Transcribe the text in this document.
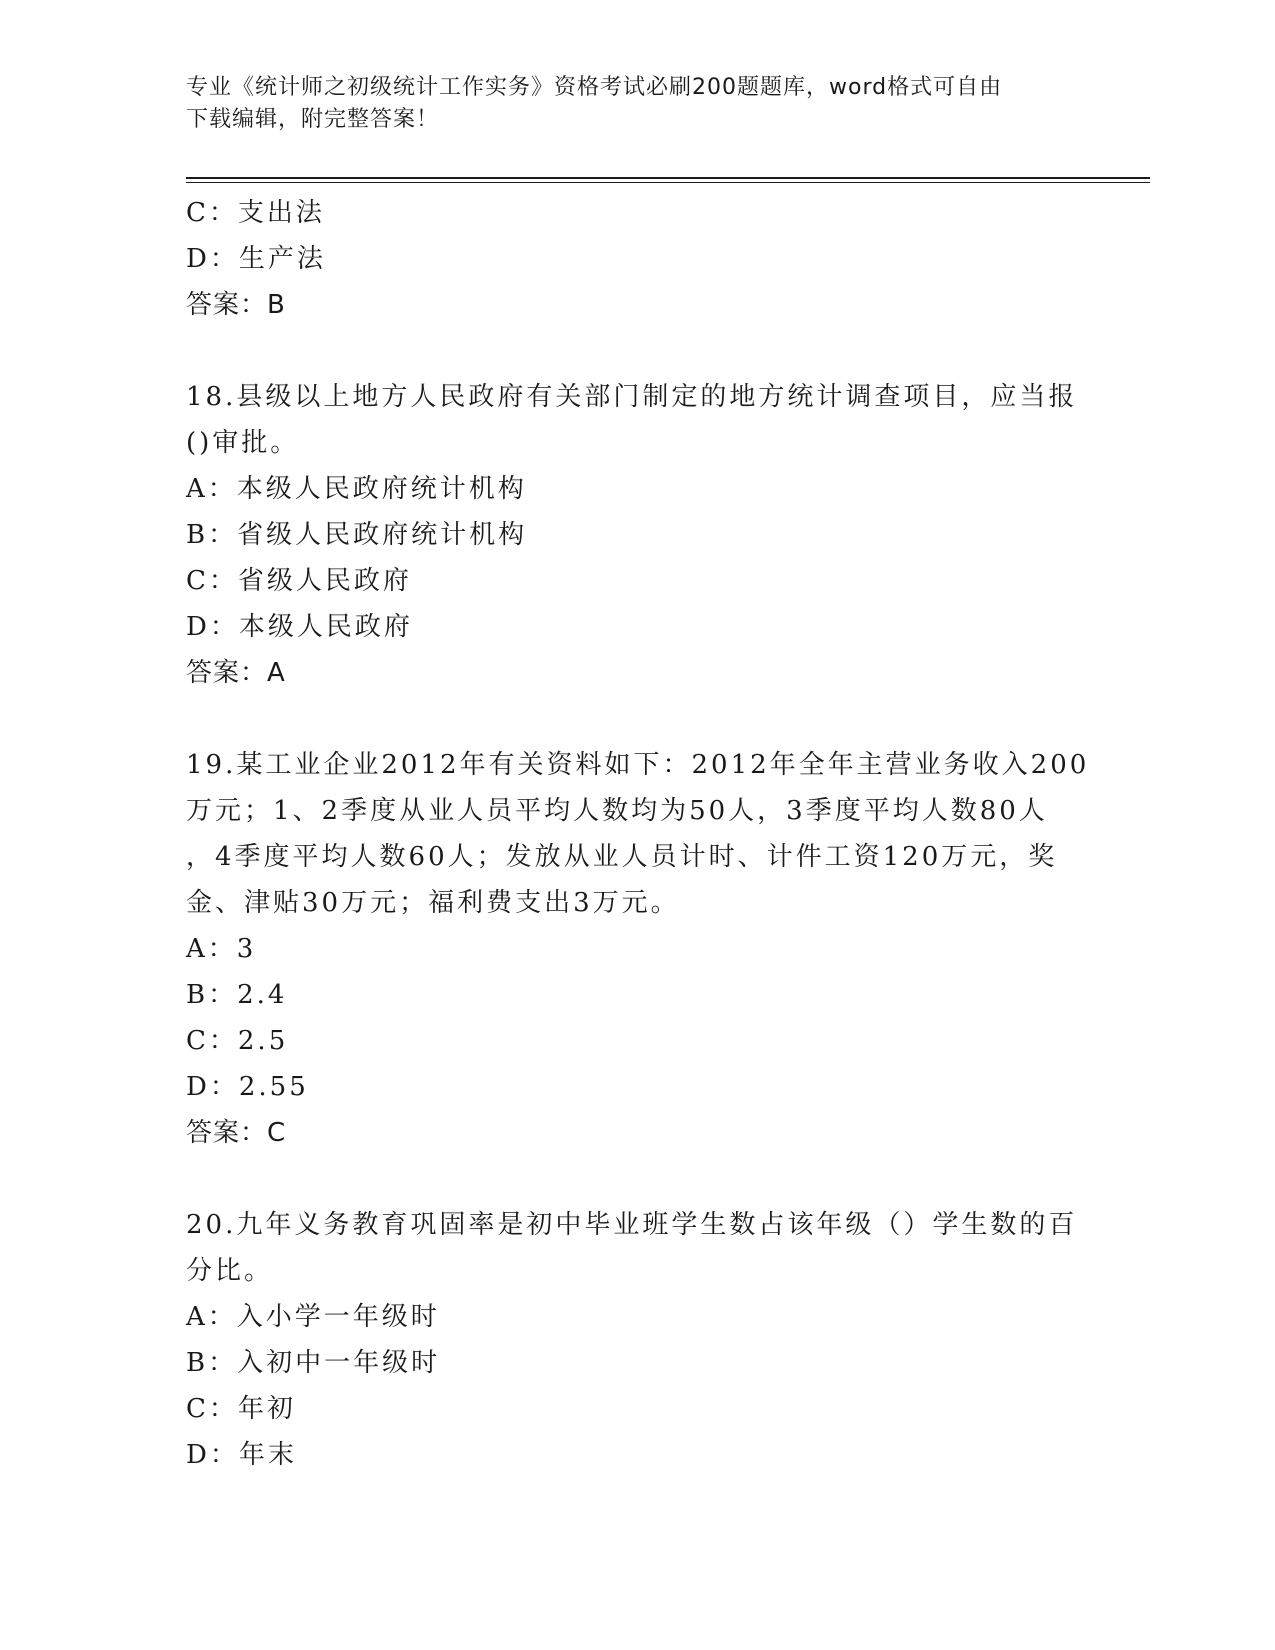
专业《统计师之初级统计工作实务》资格考试必刷200题题库，word格式可自由
下载编辑，附完整答案！
C：支出法
D：生产法
答案：B
18.县级以上地方人民政府有关部门制定的地方统计调查项目，应当报
()审批。
A：本级人民政府统计机构
B：省级人民政府统计机构
C：省级人民政府
D：本级人民政府
答案：A
19.某工业企业2012年有关资料如下：2012年全年主营业务收入200
万元；1、2季度从业人员平均人数均为50人，3季度平均人数80人
，4季度平均人数60人；发放从业人员计时、计件工资120万元，奖
金、津贴30万元；福利费支出3万元。
A：3
B：2.4
C：2.5
D：2.55
答案：C
20.九年义务教育巩固率是初中毕业班学生数占该年级（）学生数的百
分比。
A：入小学一年级时
B：入初中一年级时
C：年初
D：年末
